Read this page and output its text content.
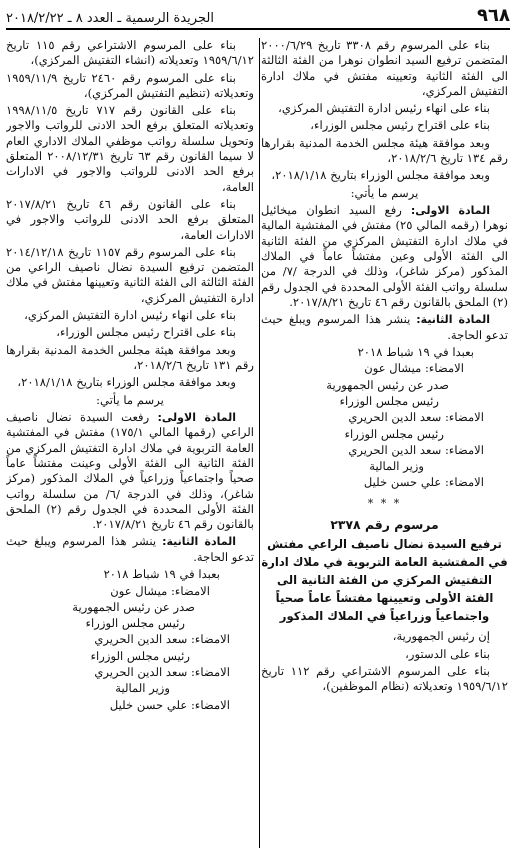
٩٦٨
الجريدة الرسمية ـ العدد ٨ ـ ٢٠١٨/٢/٢٢

بناء على المرسوم رقم ٣٣٠٨ تاريخ ٢٠٠٠/٦/٢٩ المتضمن ترفيع السيد انطوان نوهرا من الفئة الثالثة الى الفئة الثانية وتعيينه مفتش في ملاك ادارة التفتيش المركزي،

بناء على انهاء رئيس ادارة التفتيش المركزي،

بناء على اقتراح رئيس مجلس الوزراء،

وبعد موافقة هيئة مجلس الخدمة المدنية بقرارها رقم ١٣٤ تاريخ ٢٠١٨/٢/٦،

وبعد موافقة مجلس الوزراء بتاريخ ٢٠١٨/١/١٨،

يرسم ما يأتي:

المادة الاولى: رفع السيد انطوان ميخائيل نوهرا (رقمه المالي ٢٥) مفتش في المفتشية المالية في ملاك ادارة التفتيش المركزي من الفئة الثانية الى الفئة الأولى وعين مفتشاً عاماً في الملاك المذكور (مركز شاغر)، وذلك في الدرجة /٧/ من سلسلة رواتب الفئة الأولى المحددة في الجدول رقم (٢) الملحق بالقانون رقم ٤٦ تاريخ ٢٠١٧/٨/٢١.

المادة الثانية: ينشر هذا المرسوم ويبلغ حيث تدعو الحاجة.

بعبدا في ١٩ شباط ٢٠١٨

الامضاء: ميشال عون

صدر عن رئيس الجمهورية

رئيس مجلس الوزراء

الامضاء: سعد الدين الحريري

رئيس مجلس الوزراء

الامضاء: سعد الدين الحريري

وزير المالية

الامضاء: علي حسن خليل

* * *

مرسوم رقم ٢٣٧٨

ترفيع السيدة نضال ناصيف الراعي مفتش في المفتشية العامة التربوية في ملاك ادارة التفتيش المركزي من الفئة الثانية الى الفئة الأولى وتعيينها مفتشاً عاماً صحياً واجتماعياً وزراعياً في الملاك المذكور

إن رئيس الجمهورية،

بناء على الدستور،

بناء على المرسوم الاشتراعي رقم ١١٢ تاريخ ١٩٥٩/٦/١٢ وتعديلاته (نظام الموظفين)،

بناء على المرسوم الاشتراعي رقم ١١٥ تاريخ ١٩٥٩/٦/١٢ وتعديلاته (انشاء التفتيش المركزي)،

بناء على المرسوم رقم ٢٤٦٠ تاريخ ١٩٥٩/١١/٩ وتعديلاته (تنظيم التفتيش المركزي)،

بناء على القانون رقم ٧١٧ تاريخ ١٩٩٨/١١/٥ وتعديلاته المتعلق برفع الحد الادنى للرواتب والاجور وتحويل سلسلة رواتب موظفي الملاك الاداري العام لا سيما القانون رقم ٦٣ تاريخ ٢٠٠٨/١٢/٣١ المتعلق برفع الحد الادنى للرواتب والاجور في الادارات العامة،

بناء على القانون رقم ٤٦ تاريخ ٢٠١٧/٨/٢١ المتعلق برفع الحد الادنى للرواتب والاجور في الادارات العامة،

بناء على المرسوم رقم ١١٥٧ تاريخ ٢٠١٤/١٢/١٨ المتضمن ترفيع السيدة نضال ناصيف الراعي من الفئة الثالثة الى الفئة الثانية وتعيينها مفتش في ملاك ادارة التفتيش المركزي،

بناء على انهاء رئيس ادارة التفتيش المركزي،

بناء على اقتراح رئيس مجلس الوزراء،

وبعد موافقة هيئة مجلس الخدمة المدنية بقرارها رقم ١٣١ تاريخ ٢٠١٨/٢/٦،

وبعد موافقة مجلس الوزراء بتاريخ ٢٠١٨/١/١٨،

يرسم ما يأتي:

المادة الاولى: رفعت السيدة نضال ناصيف الراعي (رقمها المالي ١٧٥/١) مفتش في المفتشية العامة التربوية في ملاك ادارة التفتيش المركزي من الفئة الثانية الى الفئة الأولى وعينت مفتشاً عاماً صحياً واجتماعياً وزراعياً في الملاك المذكور (مركز شاغر)، وذلك في الدرجة /٦/ من سلسلة رواتب الفئة الأولى المحددة في الجدول رقم (٢) الملحق بالقانون رقم ٤٦ تاريخ ٢٠١٧/٨/٢١.

المادة الثانية: ينشر هذا المرسوم ويبلغ حيث تدعو الحاجة.

بعبدا في ١٩ شباط ٢٠١٨

الامضاء: ميشال عون

صدر عن رئيس الجمهورية

رئيس مجلس الوزراء

الامضاء: سعد الدين الحريري

رئيس مجلس الوزراء

الامضاء: سعد الدين الحريري

وزير المالية

الامضاء: علي حسن خليل
